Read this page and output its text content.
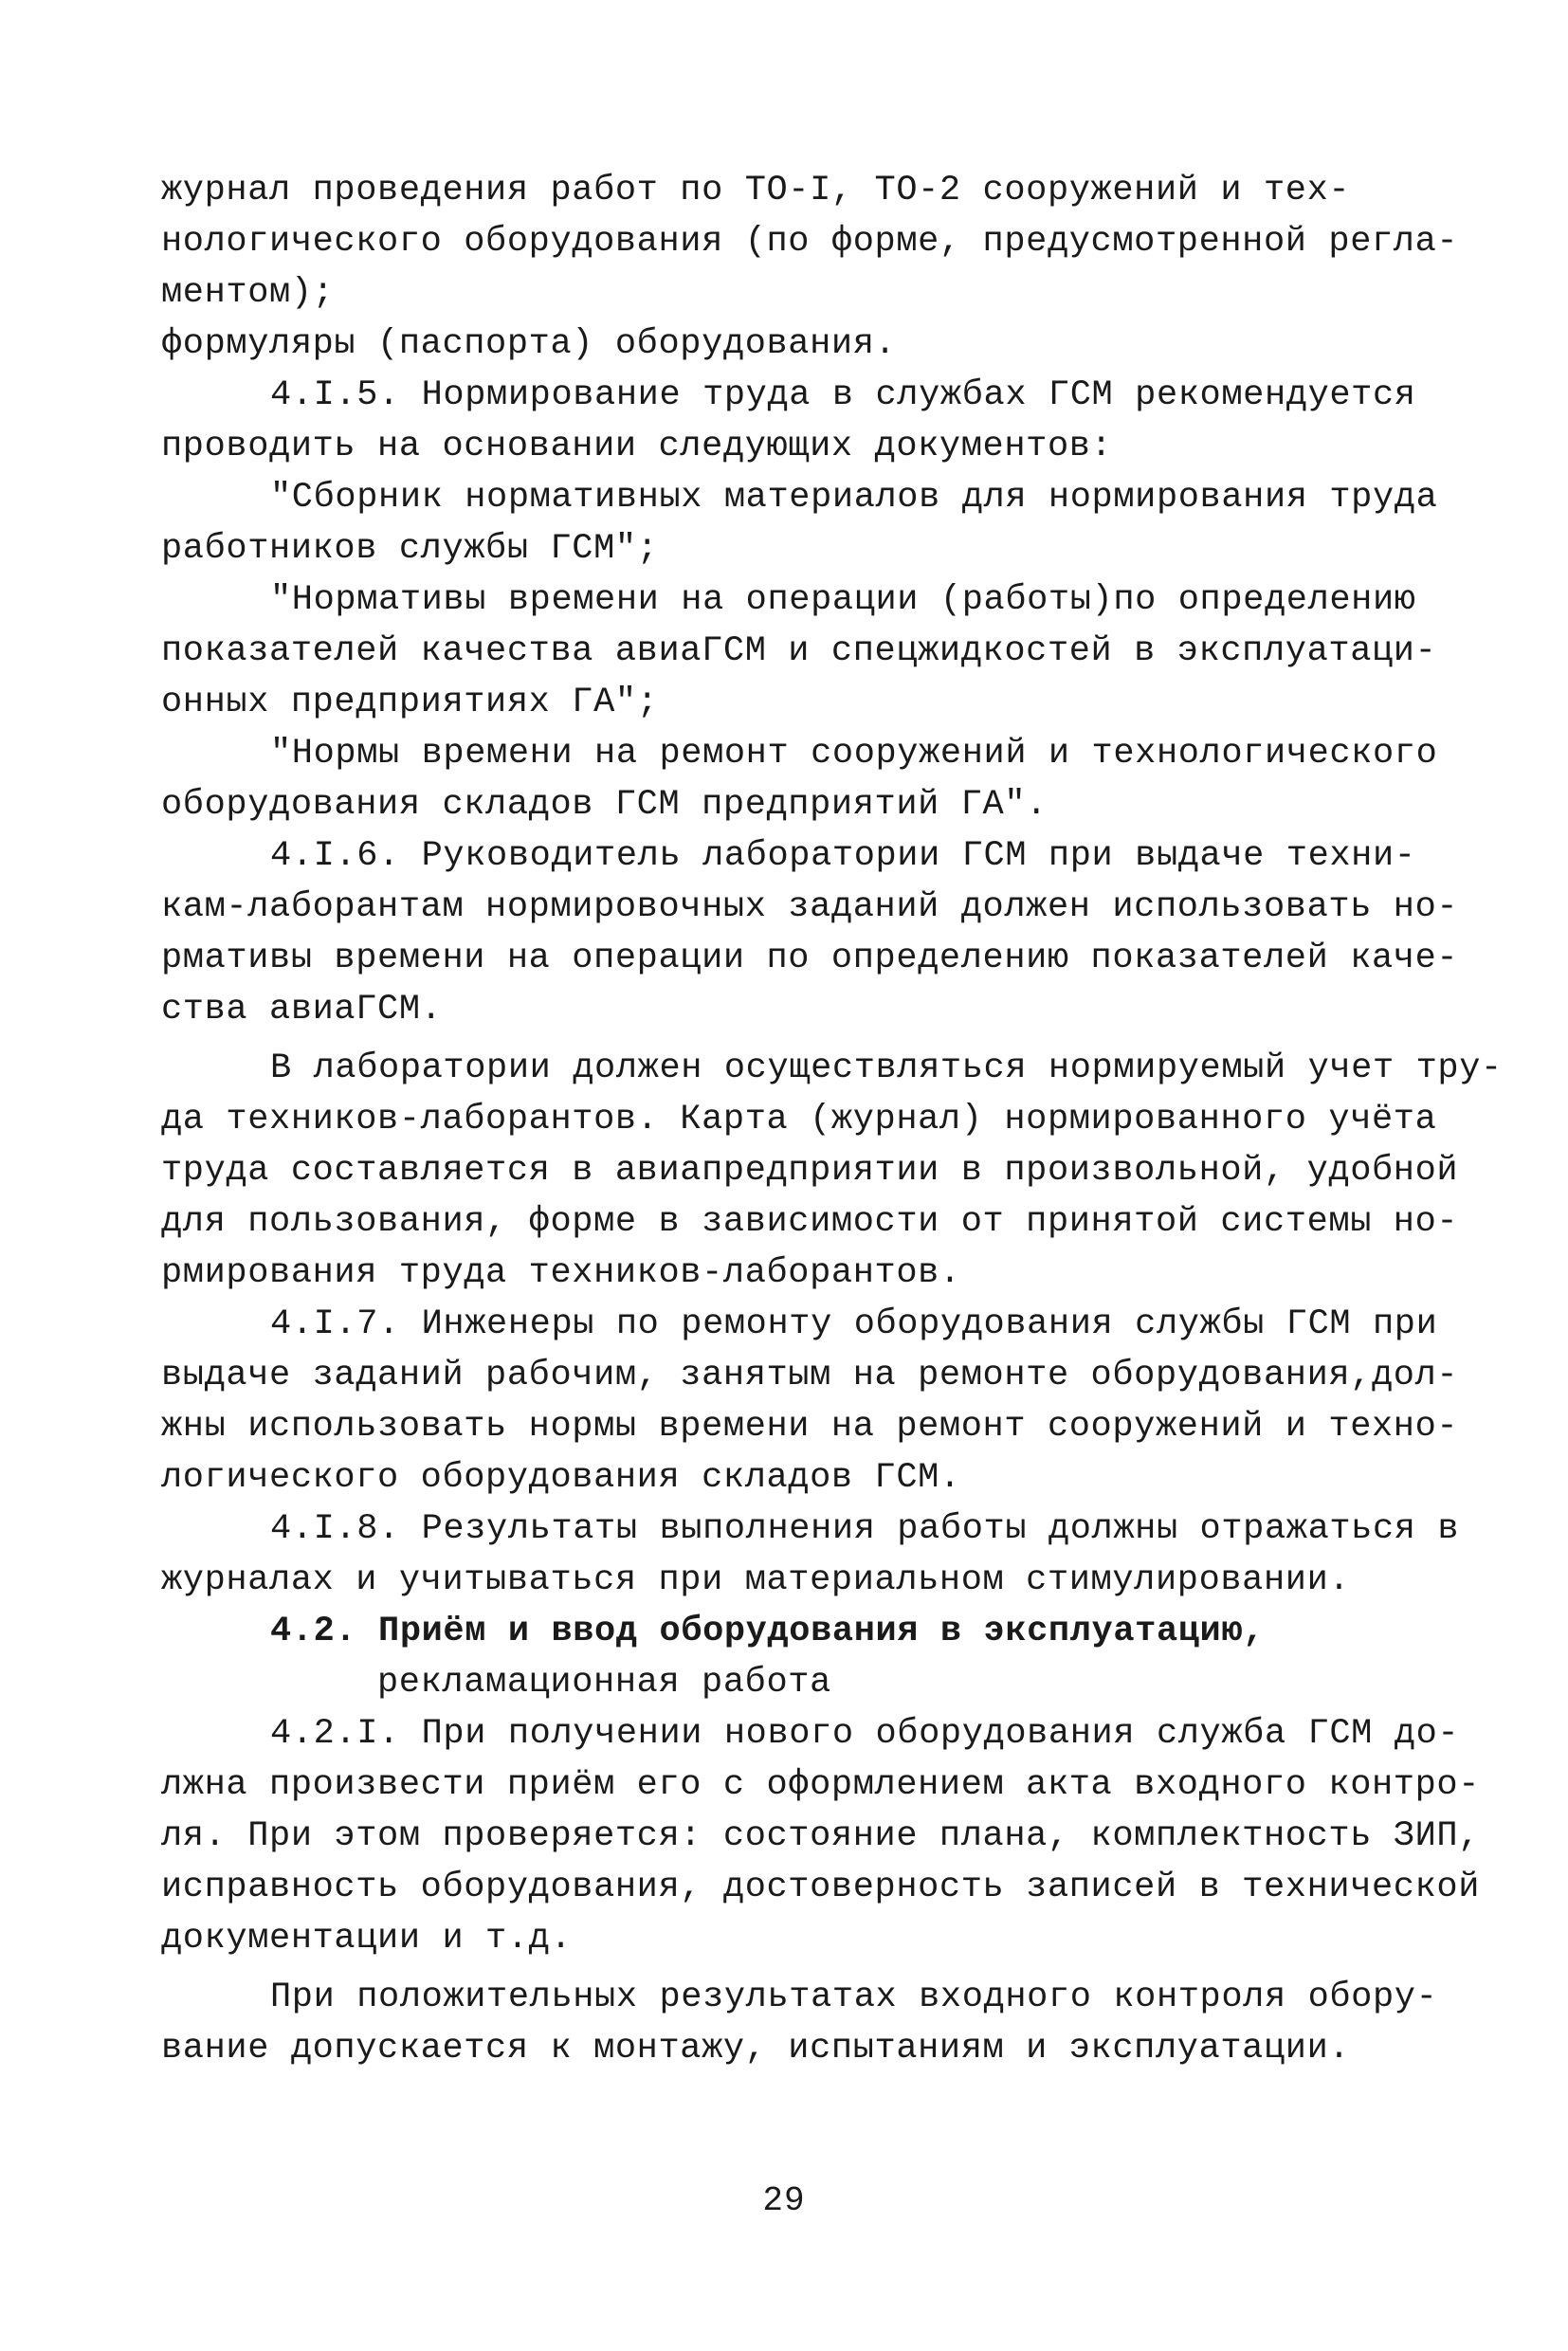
журнал проведения работ по ТО-I, ТО-2 сооружений и тех-
нологического оборудования (по форме, предусмотренной регла-
ментом);
формуляры (паспорта) оборудования.
4.I.5. Нормирование труда в службах ГСМ рекомендуется
проводить на основании следующих документов:
"Сборник нормативных материалов для нормирования труда
работников службы ГСМ";
"Нормативы времени на операции (работы)по определению
показателей качества авиаГСМ и спецжидкостей в эксплуатаци-
онных предприятиях ГА";
"Нормы времени на ремонт сооружений и технологического
оборудования складов ГСМ предприятий ГА".
4.I.6. Руководитель лаборатории ГСМ при выдаче техни-
кам-лаборантам нормировочных заданий должен использовать но-
рмативы времени на операции по определению показателей каче-
ства авиаГСМ.
В лаборатории должен осуществляться нормируемый учет тру-
да техников-лаборантов. Карта (журнал) нормированного учёта
труда составляется в авиапредприятии в произвольной, удобной
для пользования, форме в зависимости от принятой системы но-
рмирования труда техников-лаборантов.
4.I.7. Инженеры по ремонту оборудования службы ГСМ при
выдаче заданий рабочим, занятым на ремонте оборудования,дол-
жны использовать нормы времени на ремонт сооружений и техно-
логического оборудования складов ГСМ.
4.I.8. Результаты выполнения работы должны отражаться в
журналах и учитываться при материальном стимулировании.
4.2. Приём и ввод оборудования в эксплуатацию,
рекламационная работа
4.2.I. При получении нового оборудования служба ГСМ до-
лжна произвести приём его с оформлением акта входного контро-
ля. При этом проверяется: состояние плана, комплектность ЗИП,
исправность оборудования, достоверность записей в технической
документации и т.д.
При положительных результатах входного контроля обору-
вание допускается к монтажу, испытаниям и эксплуатации.
29
